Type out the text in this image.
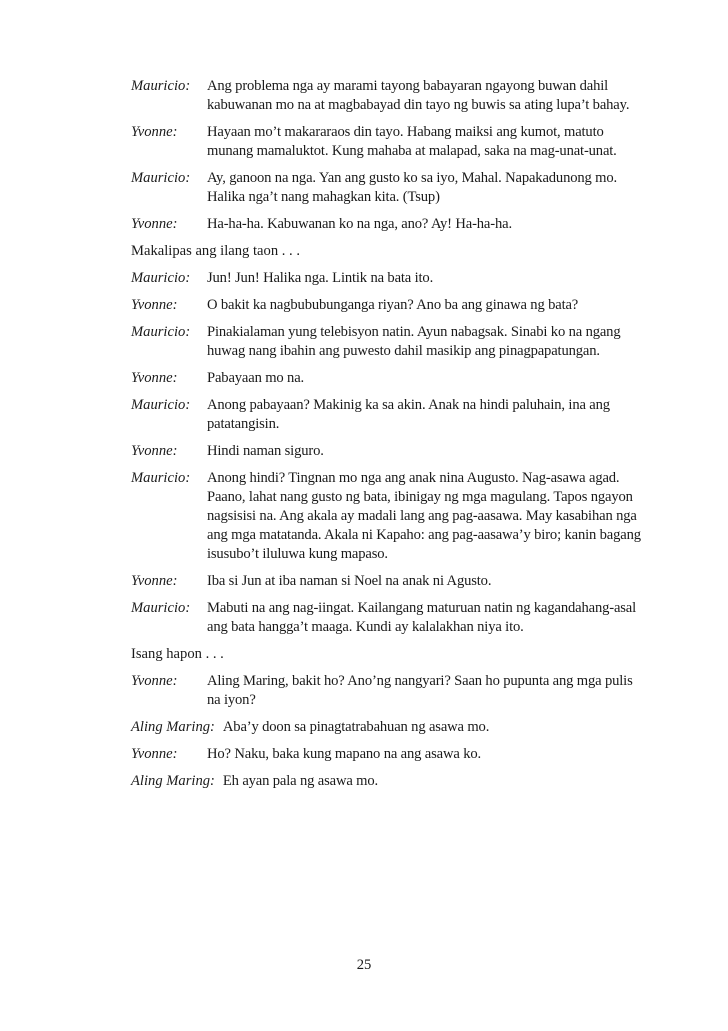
Mauricio:	Ang problema nga ay marami tayong babayaran ngayong buwan dahil kabuwanan mo na at magbabayad din tayo ng buwis sa ating lupa’t bahay.
Yvonne:	Hayaan mo’t makararaos din tayo. Habang maiksi ang kumot, matuto munang mamaluktot. Kung mahaba at malapad, saka na mag-unat-unat.
Mauricio:	Ay, ganoon na nga. Yan ang gusto ko sa iyo, Mahal. Napakadunong mo. Halika nga’t nang mahagkan kita. (Tsup)
Yvonne:	Ha-ha-ha. Kabuwanan ko na nga, ano? Ay! Ha-ha-ha.
Makalipas ang ilang taon . . .
Mauricio:	Jun! Jun! Halika nga. Lintik na bata ito.
Yvonne:	O bakit ka nagbububunganga riyan? Ano ba ang ginawa ng bata?
Mauricio:	Pinakialaman yung telebisyon natin. Ayun nabagsak. Sinabi ko na ngang huwag nang ibahin ang puwesto dahil masikip ang pinagpapatungan.
Yvonne:	Pabayaan mo na.
Mauricio:	Anong pabayaan? Makinig ka sa akin. Anak na hindi paluhain, ina ang patatangisin.
Yvonne:	Hindi naman siguro.
Mauricio:	Anong hindi? Tingnan mo nga ang anak nina Augusto. Nag-asawa agad. Paano, lahat nang gusto ng bata, ibinigay ng mga magulang. Tapos ngayon nagsisisi na. Ang akala ay madali lang ang pag-aasawa. May kasabihan nga ang mga matatanda. Akala ni Kapaho: ang pag-aasawa’y biro; kanin bagang isusubo’t iluluwa kung mapaso.
Yvonne:	Iba si Jun at iba naman si Noel na anak ni Agusto.
Mauricio:	Mabuti na ang nag-iingat. Kailangang maturuan natin ng kagandahang-asal ang bata hangga’t maaga. Kundi ay kalalakhan niya ito.
Isang hapon . . .
Yvonne:	Aling Maring, bakit ho? Ano’ng nangyari? Saan ho pupunta ang mga pulis na iyon?
Aling Maring: Aba’y doon sa pinagtatrabahuan ng asawa mo.
Yvonne:	Ho? Naku, baka kung mapano na ang asawa ko.
Aling Maring: Eh ayan pala ng asawa mo.
25
